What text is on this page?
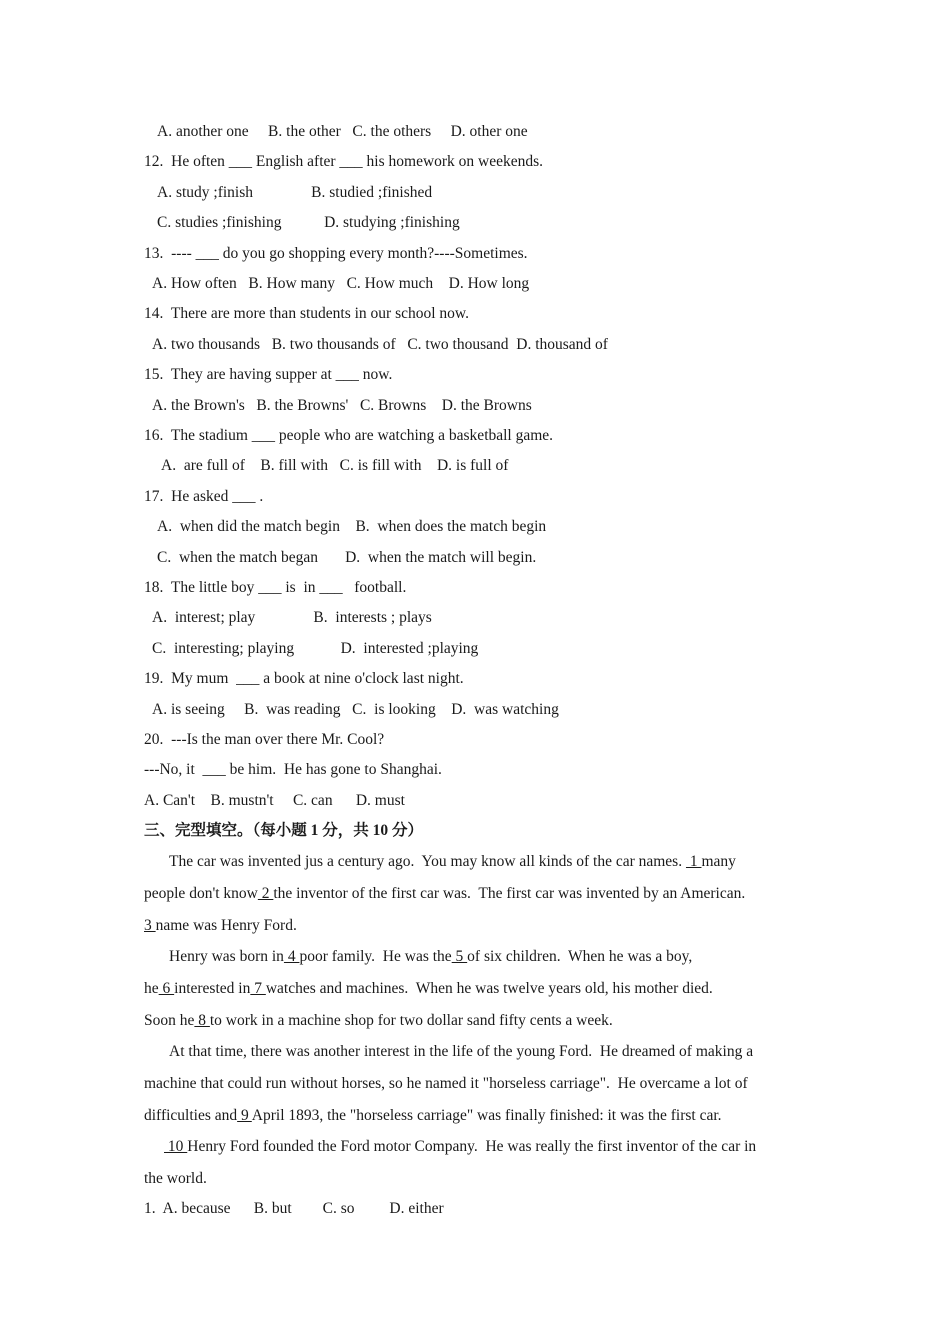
A. another one     B. the other   C. the others     D. other one
12.  He often ___ English after ___ his homework on weekends.
A. study ;finish               B. studied ;finished
C. studies ;finishing           D. studying ;finishing
13.  ---- ___ do you go shopping every month?----Sometimes.
A. How often   B. How many   C. How much    D. How long
14.  There are more than students in our school now.
A. two thousands   B. two thousands of   C. two thousand  D. thousand of
15.  They are having supper at ___ now.
A. the Brown's   B. the Browns'   C. Browns    D. the Browns
16.  The stadium ___ people who are watching a basketball game.
A.  are full of    B. fill with   C. is fill with    D. is full of
17.  He asked ___ .
A.  when did the match begin    B.  when does the match begin
C.  when the match began       D.  when the match will begin.
18.  The little boy ___ is  in ___   football.
A.  interest; play               B.  interests ; plays
C.  interesting; playing            D.  interested ;playing
19.  My mum  ___ a book at nine o'clock last night.
A. is seeing     B.  was reading   C.  is looking    D.  was watching
20.  ---Is the man over there Mr. Cool?
---No, it  ___ be him.  He has gone to Shanghai.
A. Can't    B. mustn't     C. can      D. must
三、完型填空。（每小题 1 分，共 10 分）
The car was invented jus a century ago.  You may know all kinds of the car names.  1 many
people don't know 2 the inventor of the first car was.  The first car was invented by an American.
3 name was Henry Ford.
Henry was born in 4 poor family.  He was the 5 of six children.  When he was a boy,
he 6 interested in 7 watches and machines.  When he was twelve years old, his mother died.
Soon he 8 to work in a machine shop for two dollar sand fifty cents a week.
At that time, there was another interest in the life of the young Ford.  He dreamed of making a
machine that could run without horses, so he named it "horseless carriage".  He overcame a lot of
difficulties and 9 April 1893, the "horseless carriage" was finally finished: it was the first car.
10 Henry Ford founded the Ford motor Company.  He was really the first inventor of the car in
the world.
1.  A. because      B. but        C. so         D. either
